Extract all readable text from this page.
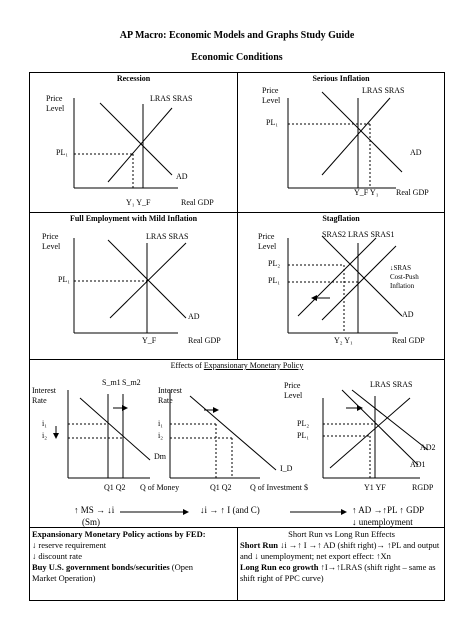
AP Macro: Economic Models and Graphs Study Guide
Economic Conditions
Recession	Serious Inflation
Full Employment with Mild Inflation	Stagflation
Effects of Expansionary Monetary Policy
Price
Level
LRAS SRAS
PL₁
AD
Y₁ Y_F	Real GDP
Price
Level
LRAS SRAS
PL₁
AD
Y_F Y₁ Real GDP
Price
Level
LRAS SRAS
PL₁
AD
Y_F	Real GDP
Price
Level
SRAS2 LRAS SRAS1
PL₂
PL₁
↓SRAS
Cost-Push
Inflation
AD
Y₂ Y₁	Real GDP
Interest
Rate
S_m1 S_m2
i₁
i₂
Dm
Q1 Q2 Q of Money
Interest
Rate
i₁
i₂
I_D
Q1 Q2 Q of Investment $
Price
Level
LRAS SRAS
PL₂
PL₁
AD2
AD1
Y1 YF	RGDP
↑ MS → ↓i
(Sm)
↓i → ↑ I (and C)	↑ AD →↑PL ↑ GDP
↓ unemployment
Expansionary Monetary Policy actions by FED:
↓ reserve requirement
↓ discount rate
Buy U.S. government bonds/securities (Open
Market Operation)
Short Run vs Long Run Effects
Short Run ↓i →↑ I →↑ AD (shift right)→ ↑PL and output and ↓ unemployment; net export effect: ↑Xn
Long Run eco growth ↑I→↑LRAS (shift right – same as shift right of PPC curve)
